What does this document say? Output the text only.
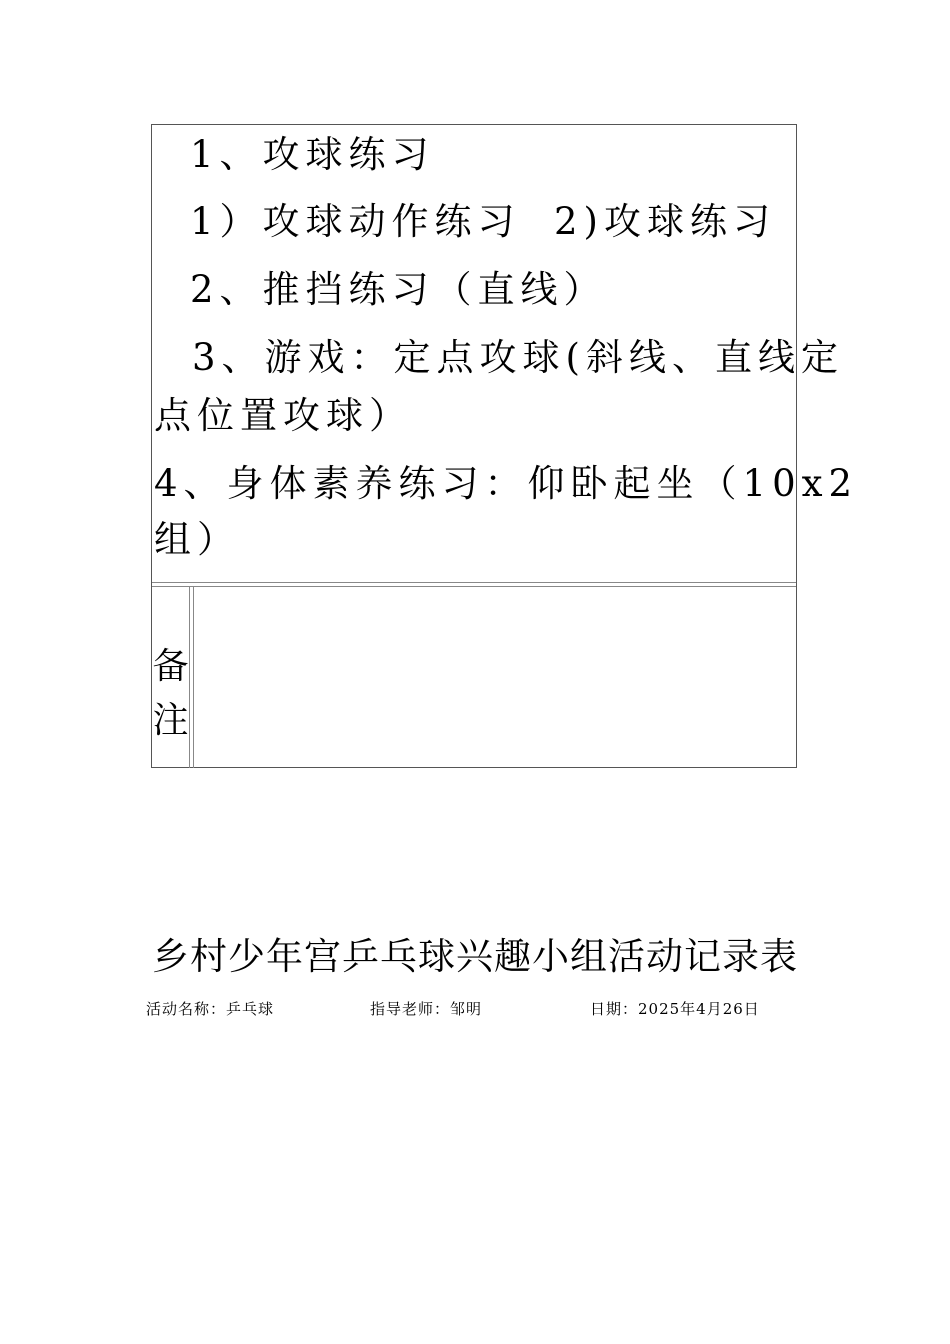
1、攻球练习
1）攻球动作练习 2)攻球练习
2、推挡练习（直线）
3、游戏：定点攻球(斜线、直线定
点位置攻球）
4、身体素养练习：仰卧起坐（10x2
组）
备
注
乡村少年宫乒乓球兴趣小组活动记录表
活动名称：乒乓球	指导老师：邹明	日期：2025年4月26日
